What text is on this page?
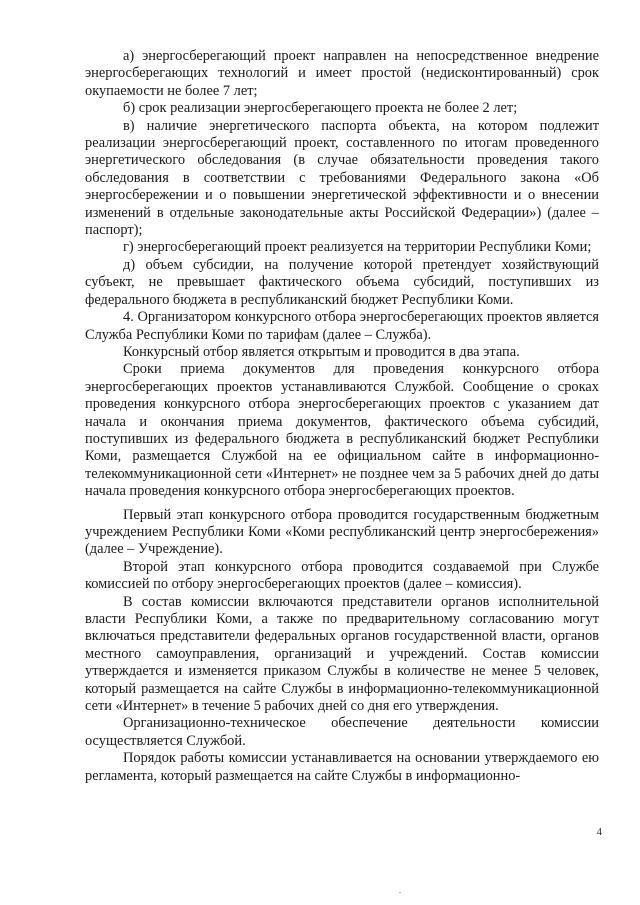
а) энергосберегающий проект направлен на непосредственное внедрение энергосберегающих технологий и имеет простой (недисконтированный) срок окупаемости не более 7 лет;

б) срок реализации энергосберегающего проекта не более 2 лет;

в) наличие энергетического паспорта объекта, на котором подлежит реализации энергосберегающий проект, составленного по итогам проведенного энергетического обследования (в случае обязательности проведения такого обследования в соответствии с требованиями Федерального закона «Об энергосбережении и о повышении энергетической эффективности и о внесении изменений в отдельные законодательные акты Российской Федерации») (далее – паспорт);

г) энергосберегающий проект реализуется на территории Республики Коми;

д) объем субсидии, на получение которой претендует хозяйствующий субъект, не превышает фактического объема субсидий, поступивших из федерального бюджета в республиканский бюджет Республики Коми.

4. Организатором конкурсного отбора энергосберегающих проектов является Служба Республики Коми по тарифам (далее – Служба).

Конкурсный отбор является открытым и проводится в два этапа.

Сроки приема документов для проведения конкурсного отбора энергосберегающих проектов устанавливаются Службой. Сообщение о сроках проведения конкурсного отбора энергосберегающих проектов с указанием дат начала и окончания приема документов, фактического объема субсидий, поступивших из федерального бюджета в республиканский бюджет Республики Коми, размещается Службой на ее официальном сайте в информационно-телекоммуникационной сети «Интернет» не позднее чем за 5 рабочих дней до даты начала проведения конкурсного отбора энергосберегающих проектов.

Первый этап конкурсного отбора проводится государственным бюджетным учреждением Республики Коми «Коми республиканский центр энергосбережения» (далее – Учреждение).

Второй этап конкурсного отбора проводится создаваемой при Службе комиссией по отбору энергосберегающих проектов (далее – комиссия).

В состав комиссии включаются представители органов исполнительной власти Республики Коми, а также по предварительному согласованию могут включаться представители федеральных органов государственной власти, органов местного самоуправления, организаций и учреждений. Состав комиссии утверждается и изменяется приказом Службы в количестве не менее 5 человек, который размещается на сайте Службы в информационно-телекоммуникационной сети «Интернет» в течение 5 рабочих дней со дня его утверждения.

Организационно-техническое обеспечение деятельности комиссии осуществляется Службой.

Порядок работы комиссии устанавливается на основании утверждаемого ею регламента, который размещается на сайте Службы в информационно-

4
